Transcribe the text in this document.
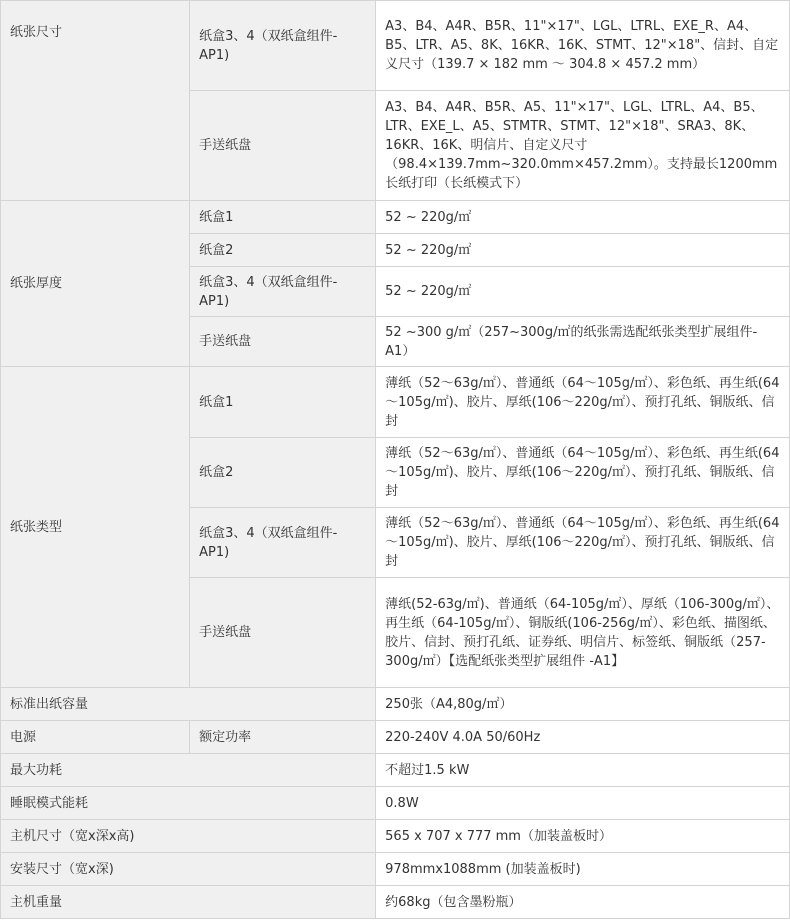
纸张尺寸	纸盒3、4（双纸盒组件-AP1)	A3、B4、A4R、B5R、11"×17"、LGL、LTRL、EXE_R、A4、B5、LTR、A5、8K、16KR、16K、STMT、12"×18"、信封、自定义尺寸（139.7 × 182 mm ～ 304.8 × 457.2 mm）
	手送纸盘	A3、B4、A4R、B5R、A5、11"×17"、LGL、LTRL、A4、B5、LTR、EXE_L、A5、STMTR、STMT、12"×18"、SRA3、8K、16KR、16K、明信片、自定义尺寸（98.4×139.7mm~320.0mm×457.2mm）。支持最长1200mm长纸打印（长纸模式下）
纸张厚度	纸盒1	52 ~ 220g/㎡
	纸盒2	52 ~ 220g/㎡
	纸盒3、4（双纸盒组件-AP1)	52 ~ 220g/㎡
	手送纸盘	52 ~300 g/㎡（257~300g/㎡的纸张需选配纸张类型扩展组件-A1）
纸张类型	纸盒1	薄纸（52～63g/㎡）、普通纸（64～105g/㎡）、彩色纸、再生纸(64～105g/㎡)、胶片、厚纸(106～220g/㎡）、预打孔纸、铜版纸、信封
	纸盒2	薄纸（52～63g/㎡）、普通纸（64～105g/㎡）、彩色纸、再生纸(64～105g/㎡)、胶片、厚纸(106～220g/㎡）、预打孔纸、铜版纸、信封
	纸盒3、4（双纸盒组件-AP1)	薄纸（52～63g/㎡）、普通纸（64～105g/㎡）、彩色纸、再生纸(64～105g/㎡)、胶片、厚纸(106～220g/㎡）、预打孔纸、铜版纸、信封
	手送纸盘	薄纸(52-63g/㎡)、普通纸（64-105g/㎡）、厚纸（106-300g/㎡）、再生纸（64-105g/㎡）、铜版纸(106-256g/㎡）、彩色纸、描图纸、胶片、信封、预打孔纸、证券纸、明信片、标签纸、铜版纸（257-300g/㎡）【选配纸张类型扩展组件 -A1】
标准出纸容量		250张（A4,80g/㎡）
电源	额定功率	220-240V 4.0A 50/60Hz
最大功耗		不超过1.5 kW
睡眠模式能耗		0.8W
主机尺寸（宽x深x高)		565 x 707 x 777 mm（加装盖板时）
安装尺寸（宽x深)		978mmx1088mm (加装盖板时)
主机重量		约68kg（包含墨粉瓶）
